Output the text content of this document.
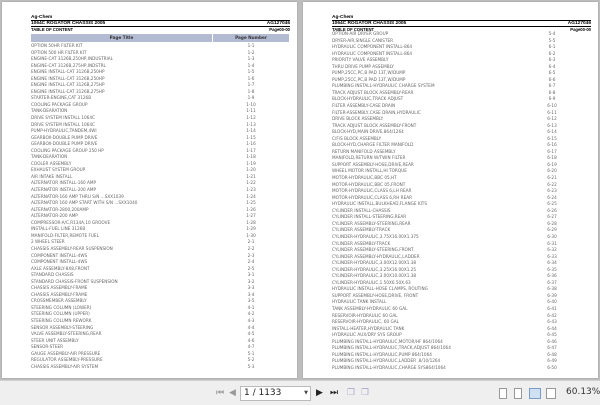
Ag-Chem
1064C ROGATOR CHASSIS 2005	AG127046
TABLE OF CONTENT	Page00-00
Page Title	Page Number
OPTION 50HR FILTER KIT	1-1
OPTION 500 HR FILTER KIT	1-2
ENGINE-CAT 3126B,250HP,INDUSTRIAL	1-3
ENGINE-CAT 3126B,275HP,INDSTRL	1-4
ENGINE INSTALL-CAT 3126B,250HP	1-5
ENGINE INSTALL-CAT 3126B,250HP	1-6
ENGINE INSTALL-CAT 3126B,275HP	1-7
ENGINE INSTALL-CAT 3126B,275HP	1-8
STARTER-ENGINE,CAT 3126B	1-9
COOLING PACKAGE GROUP	1-10
TANK-DEARATION	1-11
DRIVE SYSTEM INSTALL 1064C	1-12
DRIVE SYSTEM INSTALL 1064C	1-13
PUMP-HYDRAULIC,TANDEM,4WI	1-14
GEARBOX-DOUBLE PUMP DRIVE	1-15
GEARBOX-DOUBLE PUMP DRIVE	1-16
COOLING PACKAGE GROUP 250 HP	1-17
TANK-DEARATION	1-18
COOLER ASSEMBLY	1-19
EXHAUST SYSTEM GROUP	1-20
AIR INTAKE INSTALL	1-21
ALTERNATOR INSTALL-160 AMP	1-22
ALTERNATOR INSTALL-200 AMP	1-23
ALTERNATOR-160 AMP THRU S/N ...SXX1039	1-24
ALTERNATOR 160 AMP START WITH S/N ...SXX1040	1-25
ALTERNATOR-2800,200AMP	1-26
ALTERNATOR-200 AMP	1-27
COMPRESSOR-A/C,R134A,10 GROOVE	1-28
INSTALL-FUEL LINE 3126B	1-29
MANIFOLD-FILTER,REMOTE FUEL	1-30
2 WHEEL STEER	2-1
CHASSIS ASSEMBLY-REAR SUSPENSION	2-2
COMPONENT INSTALL-4WS	2-3
COMPONENT INSTALL-4WS	2-4
AXLE ASSEMBLY-8X8,FRONT	2-5
STANDARD CHASSIS	3-1
STANDARD CHASSIS-FRONT SUSPENSION	3-2
CHASSIS ASSEMBLY-FRAME	3-3
CHASSIS ASSEMBLY-FRAME	3-4
CROSSMEMBER ASSEMBLY	3-5
STEERING COLUMN (LOWER)	4-1
STEERING COLUMN (UPPER)	4-2
STEERING COLUMN REWORK	4-3
SENSOR ASSEMBLY-STEERING	4-4
VALVE ASSEMBLY-STEERING,REAR	4-5
STEER UNIT ASSEMBLY	4-6
SENSOR-STEER	4-7
GAUGE ASSEMBLY-AIR PRESSURE	5-1
REGULATOR ASSEMBLY-PRESSURE	5-2
CHASSIS ASSEMBLY-AIR SYSTEM	5-3
Ag-Chem
1064C ROGATOR CHASSIS 2005	AG127046
TABLE OF CONTENT	Page00-00
OPTION-AIR DRYER GROUP	5-4
DRYER-AIR,SINGLE CANISTER	5-5
HYDRAULIC COMPONENT INSTALL-864	6-1
HYDRAULIC COMPONENT INSTALL-864	6-2
PRIORITY VALVE ASSEMBLY	6-3
THRU DRIVE PUMP ASSEMBLY	6-4
PUMP,25CC,PC,B PAD 13T,W/DUMP	6-5
PUMP,25CC,PC,B PAD 13T,W/DUMP	6-6
PLUMBING INSTALL-HYDRAULIC CHARGE SYSTEM	6-7
TRACK ADJUST BLOCK ASSEMBLY-REAR	6-8
BLOCK-HYDRAULIC,TRACK ADJUST	6-9
FILTER ASSEMBLY-CASE DRAIN	6-10
FILTER-ASSEMBLY,CASE DRAIN,HYDRAULIC	6-11
DRIVE BLOCK ASSEMBLY	6-12
TRACK ADJUST BLOCK ASSEMBLY-FRONT	6-13
BLOCK-HYD,MAIN DRIVE,864/1264	6-14
C/F/S BLOCK ASSEMBLY	6-15
BLOCK-HYD,CHARGE FILTER MANIFOLD	6-16
RETURN MANIFOLD ASSEMBLY	6-17
MANIFOLD,RETURN W/TWIN FILTER	6-18
SUPPORT ASSEMBLY-HOSE,DRIVE,REAR	6-19
WHEEL MOTOR INSTALL,HI TORQUE	6-20
MOTOR-HYDRAULIC,BBC 05,HT	6-21
MOTOR-HYDRAULIC,BBC 05,FRONT	6-22
MOTOR-HYDRAULIC,CLASS 6,LH REAR	6-23
MOTOR-HYDRAULIC,CLASS 6,RH REAR	6-24
HYDRAULIC INSTALL,BULKHEAD,FLANGE KITS	6-25
CYLINDER INSTALL-CHASSIS	6-26
CYLINDER INSTALL-STEERING,REAR	6-27
CYLINDER ASSEMBLY-STEERING,REAR	6-28
CYLINDER ASSEMBLY-TRACK	6-29
CYLINDER-HYDRAULIC,3.75X16.00X1.375	6-30
CYLINDER ASSEMBLY-TRACK	6-31
CYLINDER ASSEMBLY-STEERING,FRONT	6-32
CYLINDER ASSEMBLY-HYDRAULIC,LADDER	6-33
CYLINDER-HYDRAULIC,3.00X12.00X1.38	6-34
CYLINDER-HYDRAULIC,3.25X16.00X1.25	6-35
CYLINDER-HYDRAULIC,3.00X10.00X1.38	6-36
CYLINDER-HYDRAULIC,1.50X6.50X.63	6-37
HYDRAULIC INSTALL-HOSE CLAMPS, ROUTING	6-38
SUPPORT ASSEMBLY-HOSE,DRIVE, FRONT	6-39
HYDRAULIC TANK INSTALL	6-40
TANK ASSEMBLY-HYDRAULIC 60 GAL	6-41
RESERVOIR-HYDRAULIC 60 GAL	6-42
RESERVOIR-HYDRAULIC, 60 GAL	6-43
INSTALL-HEATER,HYDRAULIC TANK	6-44
HYDRAULIC AUX/DRY SYS GROUP	6-45
PLUMBING INSTALL-HYDRAULIC,MOTOR/HF 864/1064	6-46
PLUMBING INSTALL-HYDRAULIC,TRACK,ADJUST 864/1064	6-47
PLUMBING INSTALL-HYDRAULIC,PUMP 864/1064	6-48
PLUMBING INSTALL-HYDRAULIC,LADDER ,8/10/1264	6-49
PLUMBING INSTALL-HYDRAULIC,CHARGE SYS864/1064	6-50
⏮ ◀ 1 / 1133	▼ ▶ ⏭ ❐ ❐	60.13%
